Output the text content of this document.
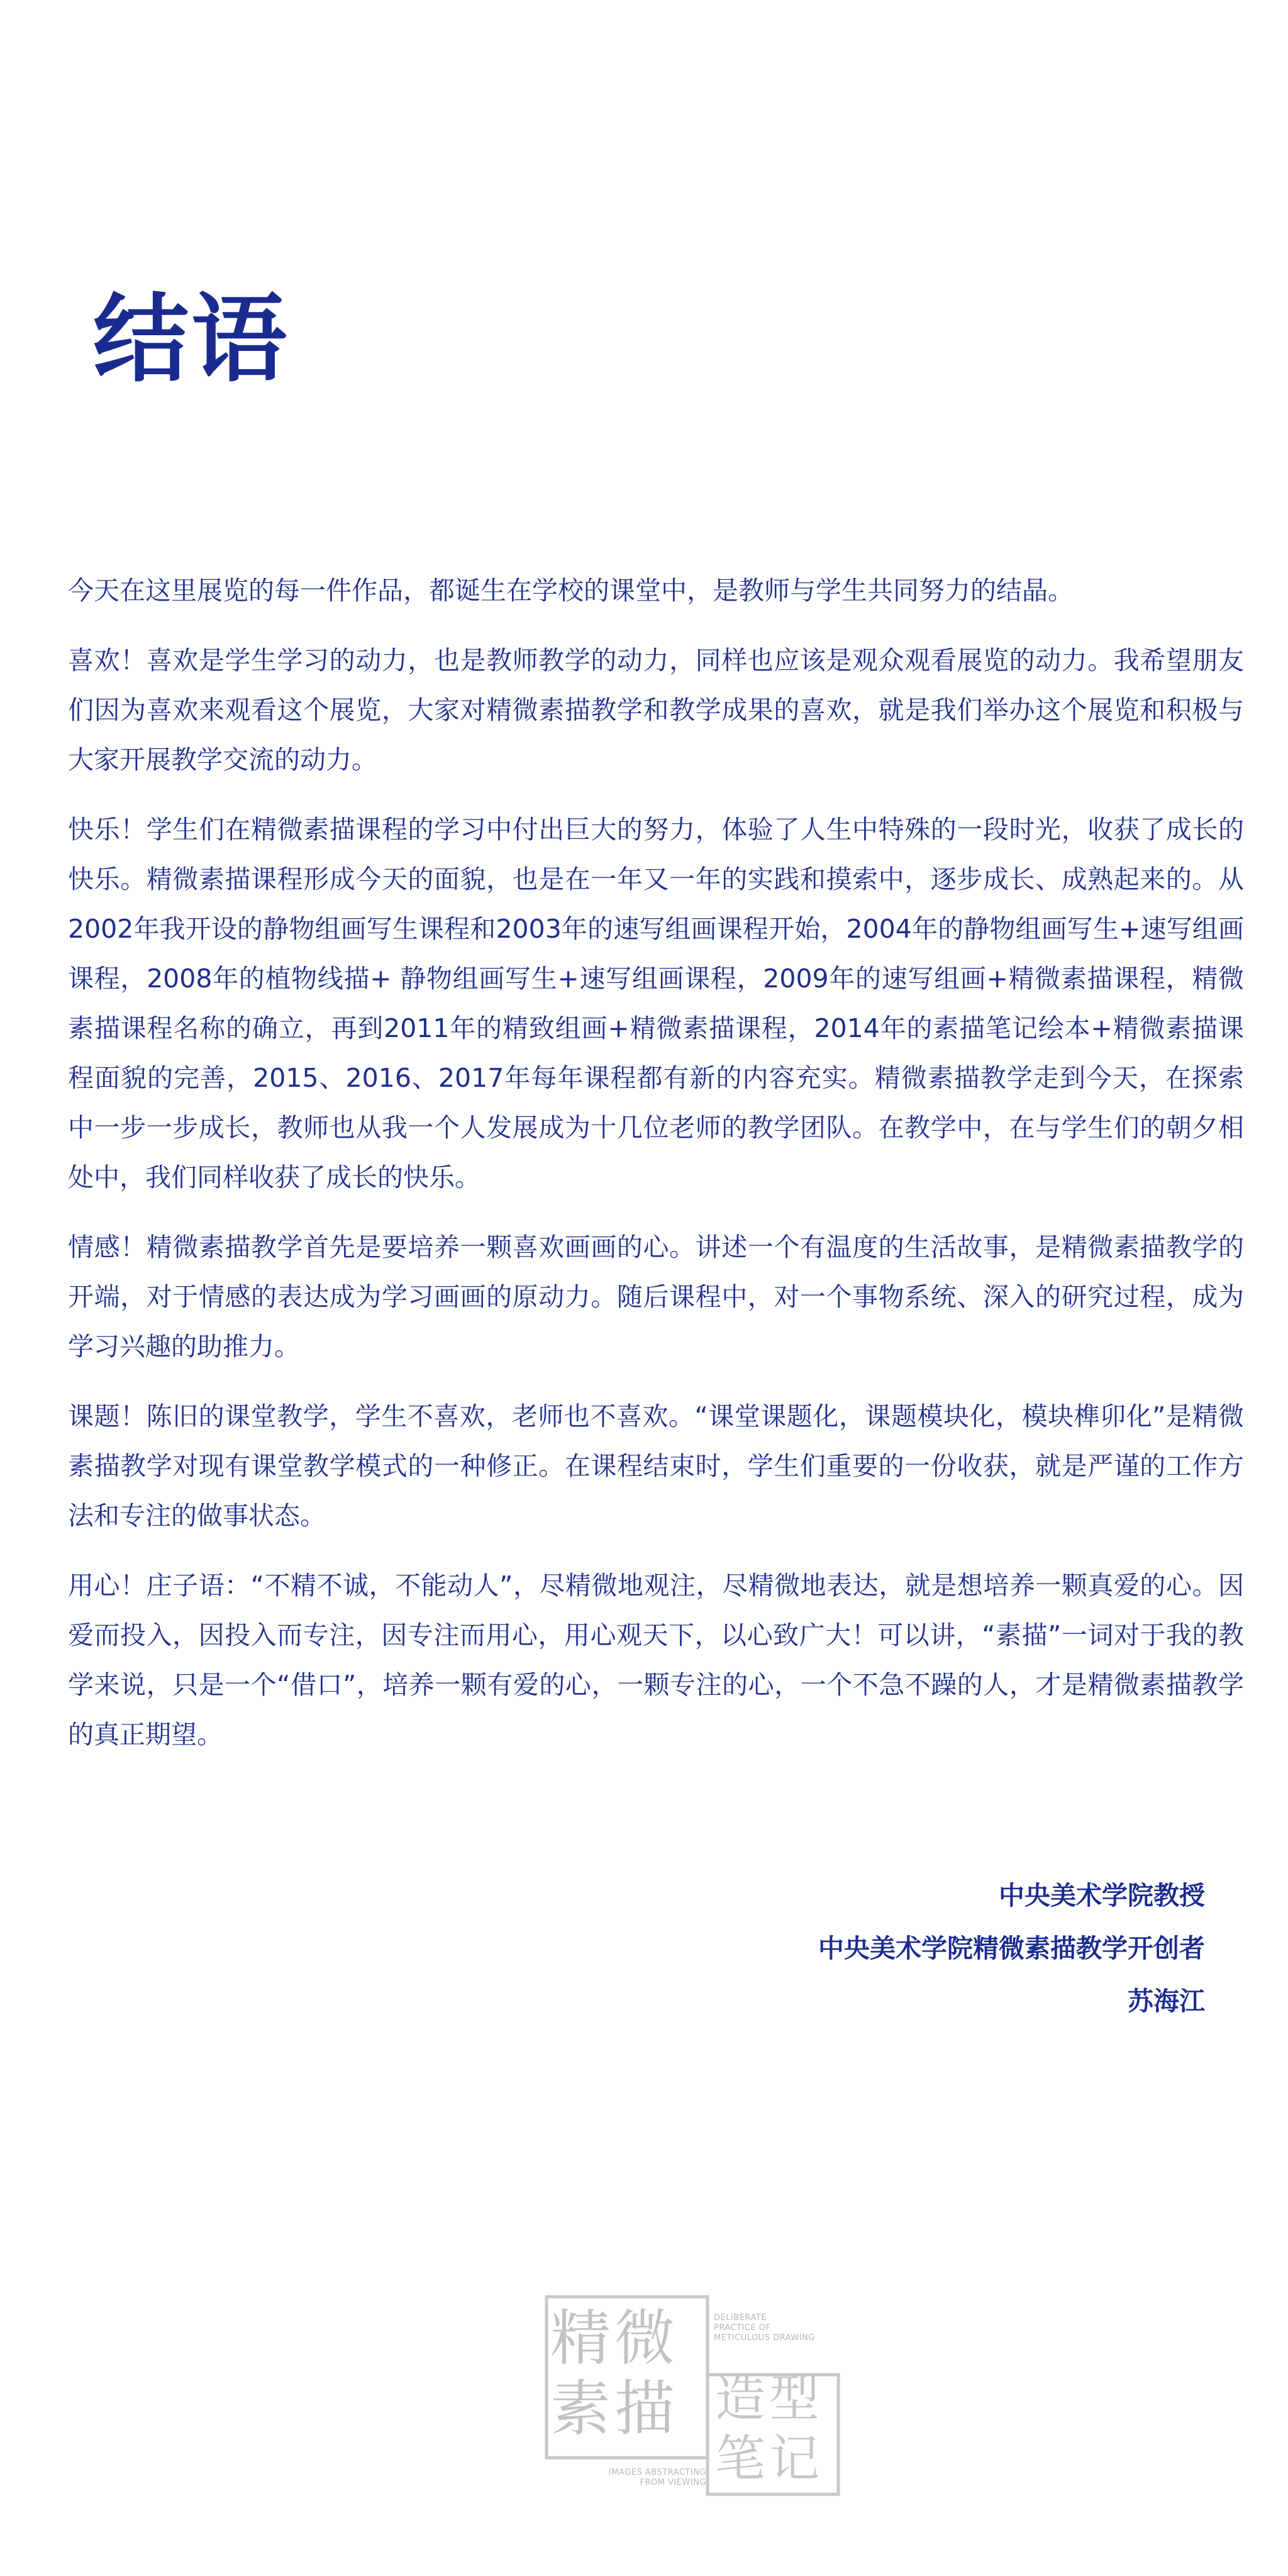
结语

今天在这里展览的每一件作品，都诞生在学校的课堂中，是教师与学生共同努力的结晶。

喜欢！喜欢是学生学习的动力，也是教师教学的动力，同样也应该是观众观看展览的动力。我希望朋友们因为喜欢来观看这个展览，大家对精微素描教学和教学成果的喜欢，就是我们举办这个展览和积极与大家开展教学交流的动力。

快乐！学生们在精微素描课程的学习中付出巨大的努力，体验了人生中特殊的一段时光，收获了成长的快乐。精微素描课程形成今天的面貌，也是在一年又一年的实践和摸索中，逐步成长、成熟起来的。从2002年我开设的静物组画写生课程和2003年的速写组画课程开始，2004年的静物组画写生+速写组画课程，2008年的植物线描+ 静物组画写生+速写组画课程，2009年的速写组画+精微素描课程，精微素描课程名称的确立，再到2011年的精致组画+精微素描课程，2014年的素描笔记绘本+精微素描课程面貌的完善，2015、2016、2017年每年课程都有新的内容充实。精微素描教学走到今天，在探索中一步一步成长，教师也从我一个人发展成为十几位老师的教学团队。在教学中，在与学生们的朝夕相处中，我们同样收获了成长的快乐。

情感！精微素描教学首先是要培养一颗喜欢画画的心。讲述一个有温度的生活故事，是精微素描教学的开端，对于情感的表达成为学习画画的原动力。随后课程中，对一个事物系统、深入的研究过程，成为学习兴趣的助推力。

课题！陈旧的课堂教学，学生不喜欢，老师也不喜欢。“课堂课题化，课题模块化，模块榫卯化”是精微素描教学对现有课堂教学模式的一种修正。在课程结束时，学生们重要的一份收获，就是严谨的工作方法和专注的做事状态。

用心！庄子语：“不精不诚，不能动人”，尽精微地观注，尽精微地表达，就是想培养一颗真爱的心。因爱而投入，因投入而专注，因专注而用心，用心观天下，以心致广大！可以讲，“素描”一词对于我的教学来说，只是一个“借口”，培养一颗有爱的心，一颗专注的心，一个不急不躁的人，才是精微素描教学的真正期望。

中央美术学院教授
中央美术学院精微素描教学开创者
苏海江
精微素描
DELIBERATE
PRACTICE OF
METICULOUS DRAWING
造型笔记
IMAGES ABSTRACTING
FROM VIEWING
